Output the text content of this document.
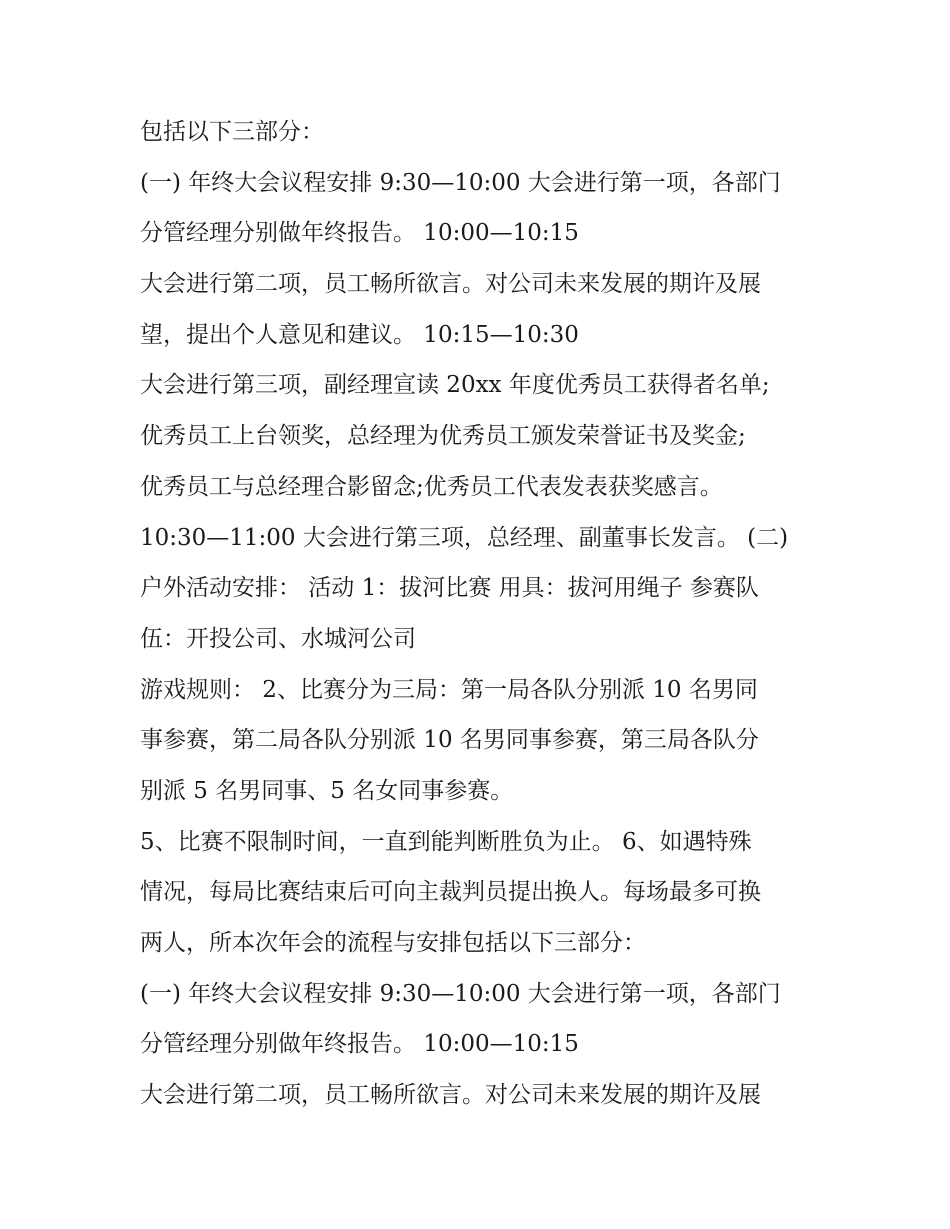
包括以下三部分：
(一) 年终大会议程安排 9:30—10:00 大会进行第一项，各部门
分管经理分别做年终报告。 10:00—10:15
大会进行第二项，员工畅所欲言。对公司未来发展的期许及展
望，提出个人意见和建议。 10:15—10:30
大会进行第三项，副经理宣读 20xx 年度优秀员工获得者名单;
优秀员工上台领奖，总经理为优秀员工颁发荣誉证书及奖金;
优秀员工与总经理合影留念;优秀员工代表发表获奖感言。
10:30—11:00 大会进行第三项，总经理、副董事长发言。 (二)
户外活动安排： 活动 1：拔河比赛 用具：拔河用绳子 参赛队
伍：开投公司、水城河公司
游戏规则： 2、比赛分为三局：第一局各队分别派 10 名男同
事参赛，第二局各队分别派 10 名男同事参赛，第三局各队分
别派 5 名男同事、5 名女同事参赛。
5、比赛不限制时间，一直到能判断胜负为止。 6、如遇特殊
情况，每局比赛结束后可向主裁判员提出换人。每场最多可换
两人，所本次年会的流程与安排包括以下三部分：
(一) 年终大会议程安排 9:30—10:00 大会进行第一项，各部门
分管经理分别做年终报告。 10:00—10:15
大会进行第二项，员工畅所欲言。对公司未来发展的期许及展
